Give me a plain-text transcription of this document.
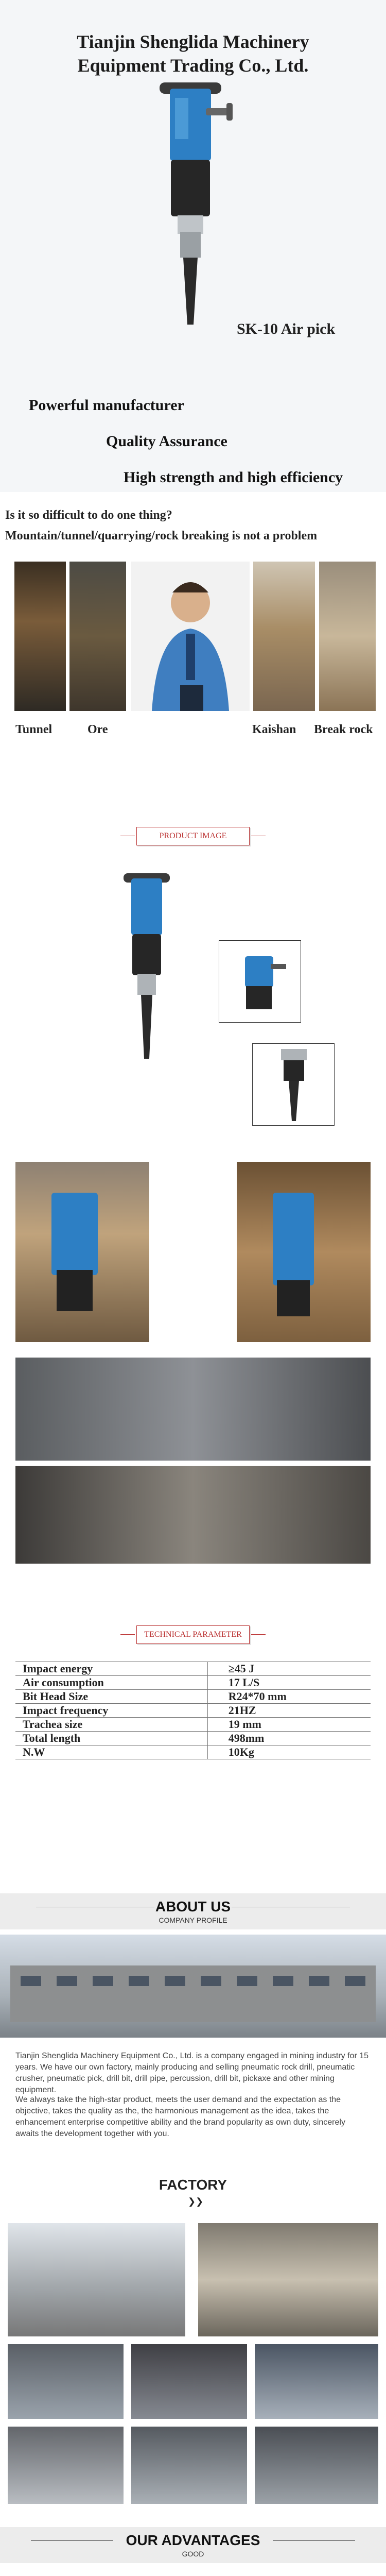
Tianjin Shenglida Machinery
Equipment Trading Co., Ltd.
SK-10 Air pick
Powerful manufacturer
Quality Assurance
High strength and high efficiency
Is it so difficult to do one thing?
Mountain/tunnel/quarrying/rock breaking is not a problem
Tunnel	Ore	Kaishan Break rock
PRODUCT IMAGE
TECHNICAL PARAMETER
Impact energy	≥45 J
Air consumption	17 L/S
Bit Head Size	R24*70 mm
Impact frequency	21HZ
Trachea size	19 mm
Total length	498mm
N.W	10Kg
ABOUT US
COMPANY PROFILE
Tianjin Shenglida Machinery Equipment Co., Ltd. is a company engaged in mining industry for 15 years. We have our own factory, mainly producing and selling pneumatic rock drill, pneumatic crusher, pneumatic pick, drill bit, drill pipe, percussion, drill bit, pickaxe and other mining equipment.
We always take the high-star product, meets the user demand and the expectation as the objective, takes the quality as the, the harmonious management as the idea, takes the enhancement enterprise competitive ability and the brand popularity as own duty, sincerely awaits the development together with you.
FACTORY
❯❯
OUR ADVANTAGES
GOOD
